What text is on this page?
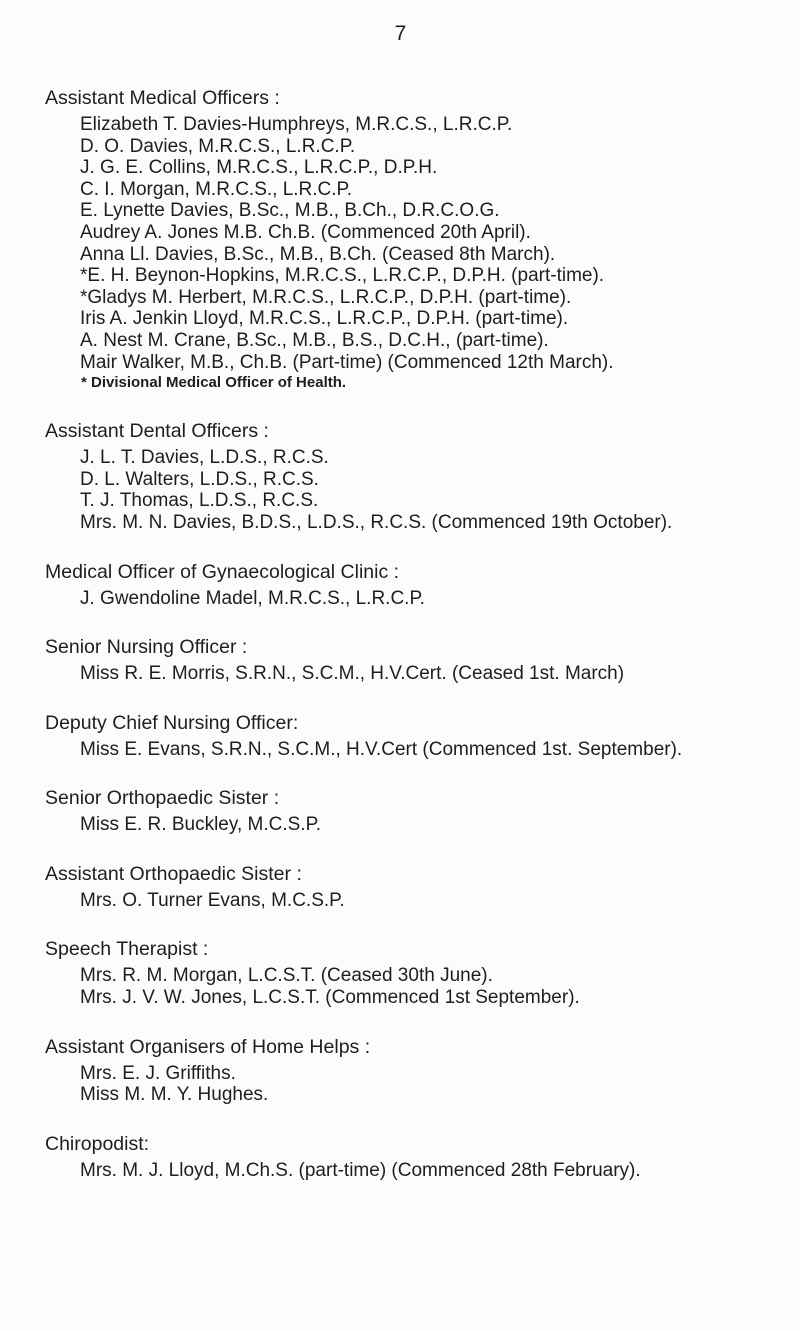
7

Assistant Medical Officers :

Elizabeth T. Davies-Humphreys, M.R.C.S., L.R.C.P.

D. O. Davies, M.R.C.S., L.R.C.P.

J. G. E. Collins, M.R.C.S., L.R.C.P., D.P.H.

C. I. Morgan, M.R.C.S., L.R.C.P.

E. Lynette Davies, B.Sc., M.B., B.Ch., D.R.C.O.G.

Audrey A. Jones M.B. Ch.B. (Commenced 20th April).

Anna Ll. Davies, B.Sc., M.B., B.Ch. (Ceased 8th March).

*E. H. Beynon-Hopkins, M.R.C.S., L.R.C.P., D.P.H. (part-time).

*Gladys M. Herbert, M.R.C.S., L.R.C.P., D.P.H. (part-time).

Iris A. Jenkin Lloyd, M.R.C.S., L.R.C.P., D.P.H. (part-time).

A. Nest M. Crane, B.Sc., M.B., B.S., D.C.H., (part-time).

Mair Walker, M.B., Ch.B. (Part-time) (Commenced 12th March).

* Divisional Medical Officer of Health.

Assistant Dental Officers :

J. L. T. Davies, L.D.S., R.C.S.

D. L. Walters, L.D.S., R.C.S.

T. J. Thomas, L.D.S., R.C.S.

Mrs. M. N. Davies, B.D.S., L.D.S., R.C.S. (Commenced 19th October).

Medical Officer of Gynaecological Clinic :

J. Gwendoline Madel, M.R.C.S., L.R.C.P.

Senior Nursing Officer :

Miss R. E. Morris, S.R.N., S.C.M., H.V.Cert. (Ceased 1st. March)

Deputy Chief Nursing Officer:

Miss E. Evans, S.R.N., S.C.M., H.V.Cert (Commenced 1st. September).

Senior Orthopaedic Sister :

Miss E. R. Buckley, M.C.S.P.

Assistant Orthopaedic Sister :

Mrs. O. Turner Evans, M.C.S.P.

Speech Therapist :

Mrs. R. M. Morgan, L.C.S.T. (Ceased 30th June).

Mrs. J. V. W. Jones, L.C.S.T. (Commenced 1st September).

Assistant Organisers of Home Helps :

Mrs. E. J. Griffiths.

Miss M. M. Y. Hughes.

Chiropodist:

Mrs. M. J. Lloyd, M.Ch.S. (part-time) (Commenced 28th February).
